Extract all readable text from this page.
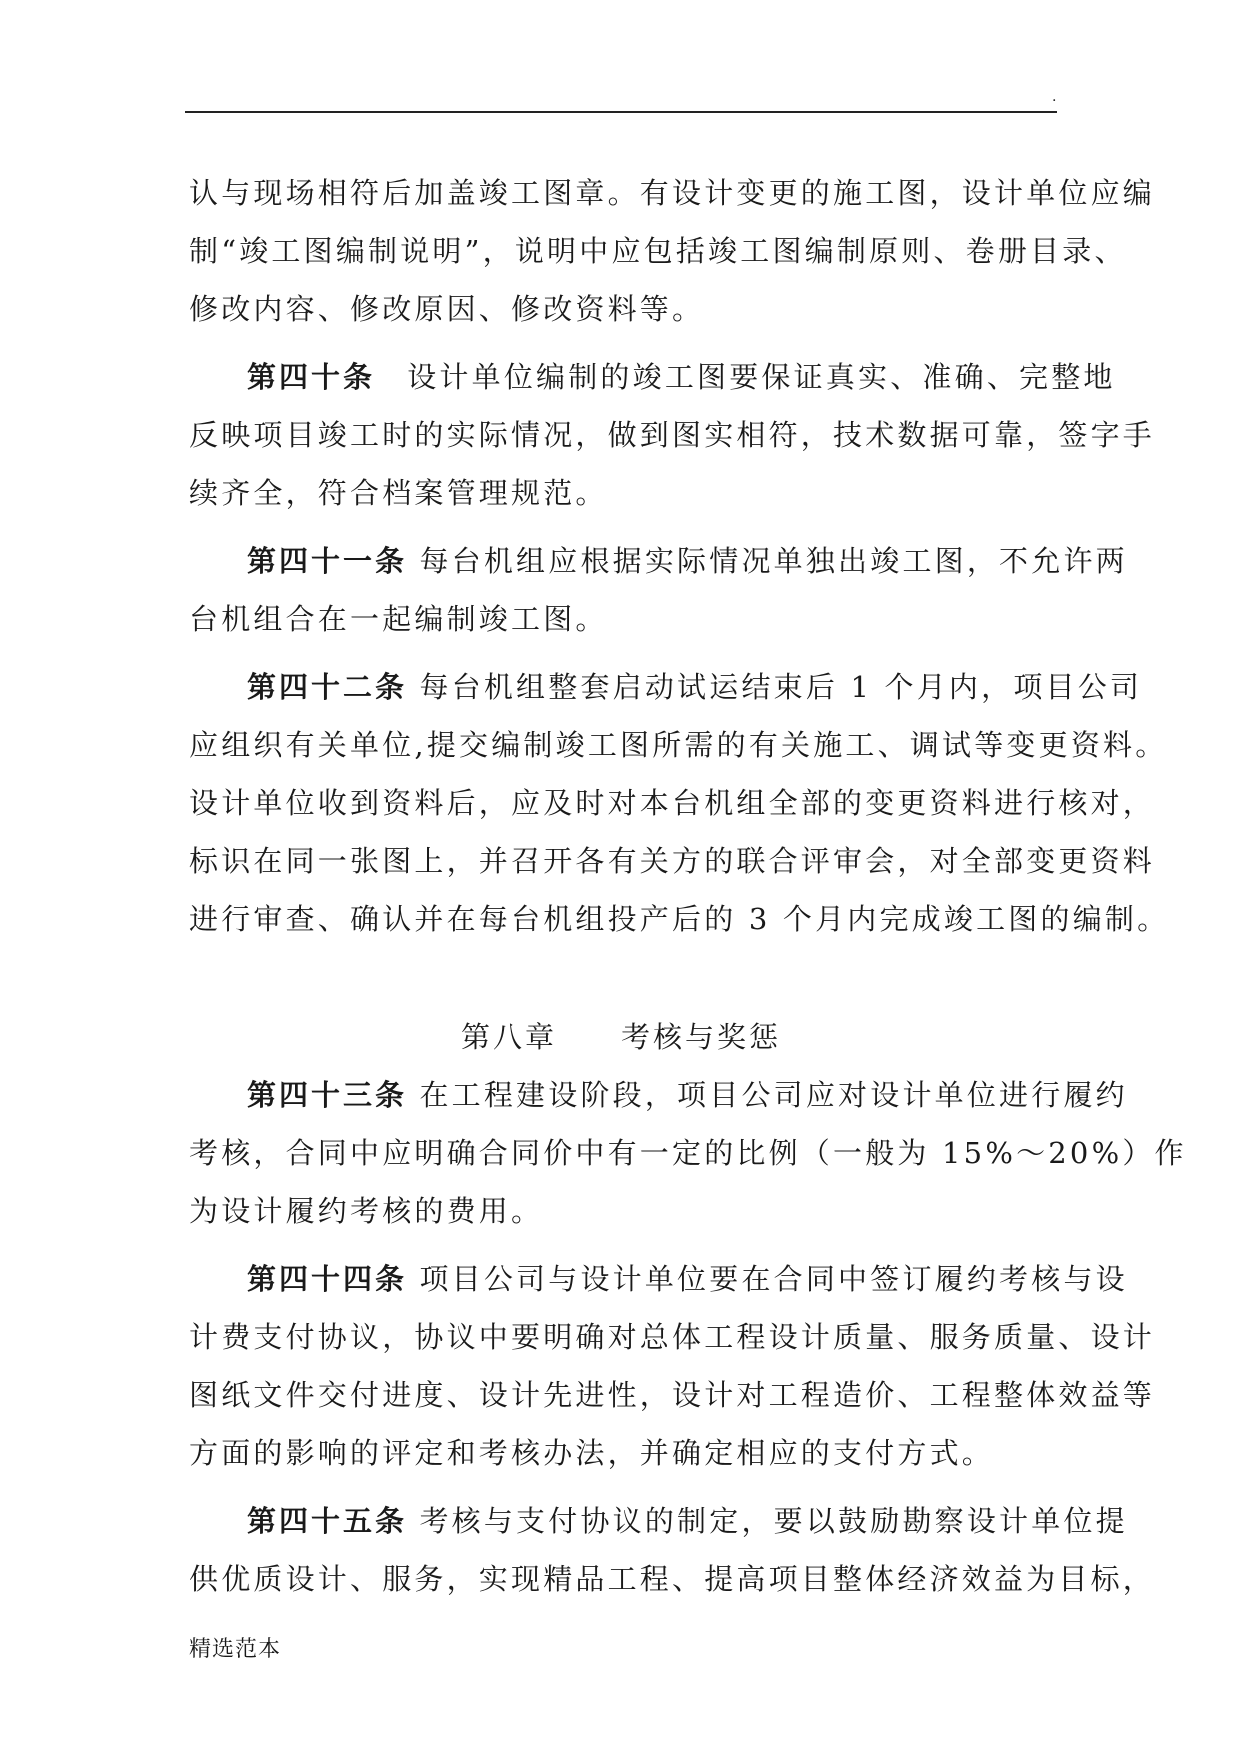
.
认与现场相符后加盖竣工图章。有设计变更的施工图，设计单位应编
制“竣工图编制说明”，说明中应包括竣工图编制原则、卷册目录、
修改内容、修改原因、修改资料等。
第四十条　 设计单位编制的竣工图要保证真实、准确、完整地
反映项目竣工时的实际情况，做到图实相符，技术数据可靠，签字手
续齐全，符合档案管理规范。
第四十一条 每台机组应根据实际情况单独出竣工图，不允许两
台机组合在一起编制竣工图。
第四十二条 每台机组整套启动试运结束后 1 个月内，项目公司
应组织有关单位,提交编制竣工图所需的有关施工、调试等变更资料。
设计单位收到资料后，应及时对本台机组全部的变更资料进行核对，
标识在同一张图上，并召开各有关方的联合评审会，对全部变更资料
进行审查、确认并在每台机组投产后的 3 个月内完成竣工图的编制。
第八章　　考核与奖惩
第四十三条 在工程建设阶段，项目公司应对设计单位进行履约
考核，合同中应明确合同价中有一定的比例（一般为 15%～20%）作
为设计履约考核的费用。
第四十四条 项目公司与设计单位要在合同中签订履约考核与设
计费支付协议，协议中要明确对总体工程设计质量、服务质量、设计
图纸文件交付进度、设计先进性，设计对工程造价、工程整体效益等
方面的影响的评定和考核办法，并确定相应的支付方式。
第四十五条 考核与支付协议的制定，要以鼓励勘察设计单位提
供优质设计、服务，实现精品工程、提高项目整体经济效益为目标，
精选范本
